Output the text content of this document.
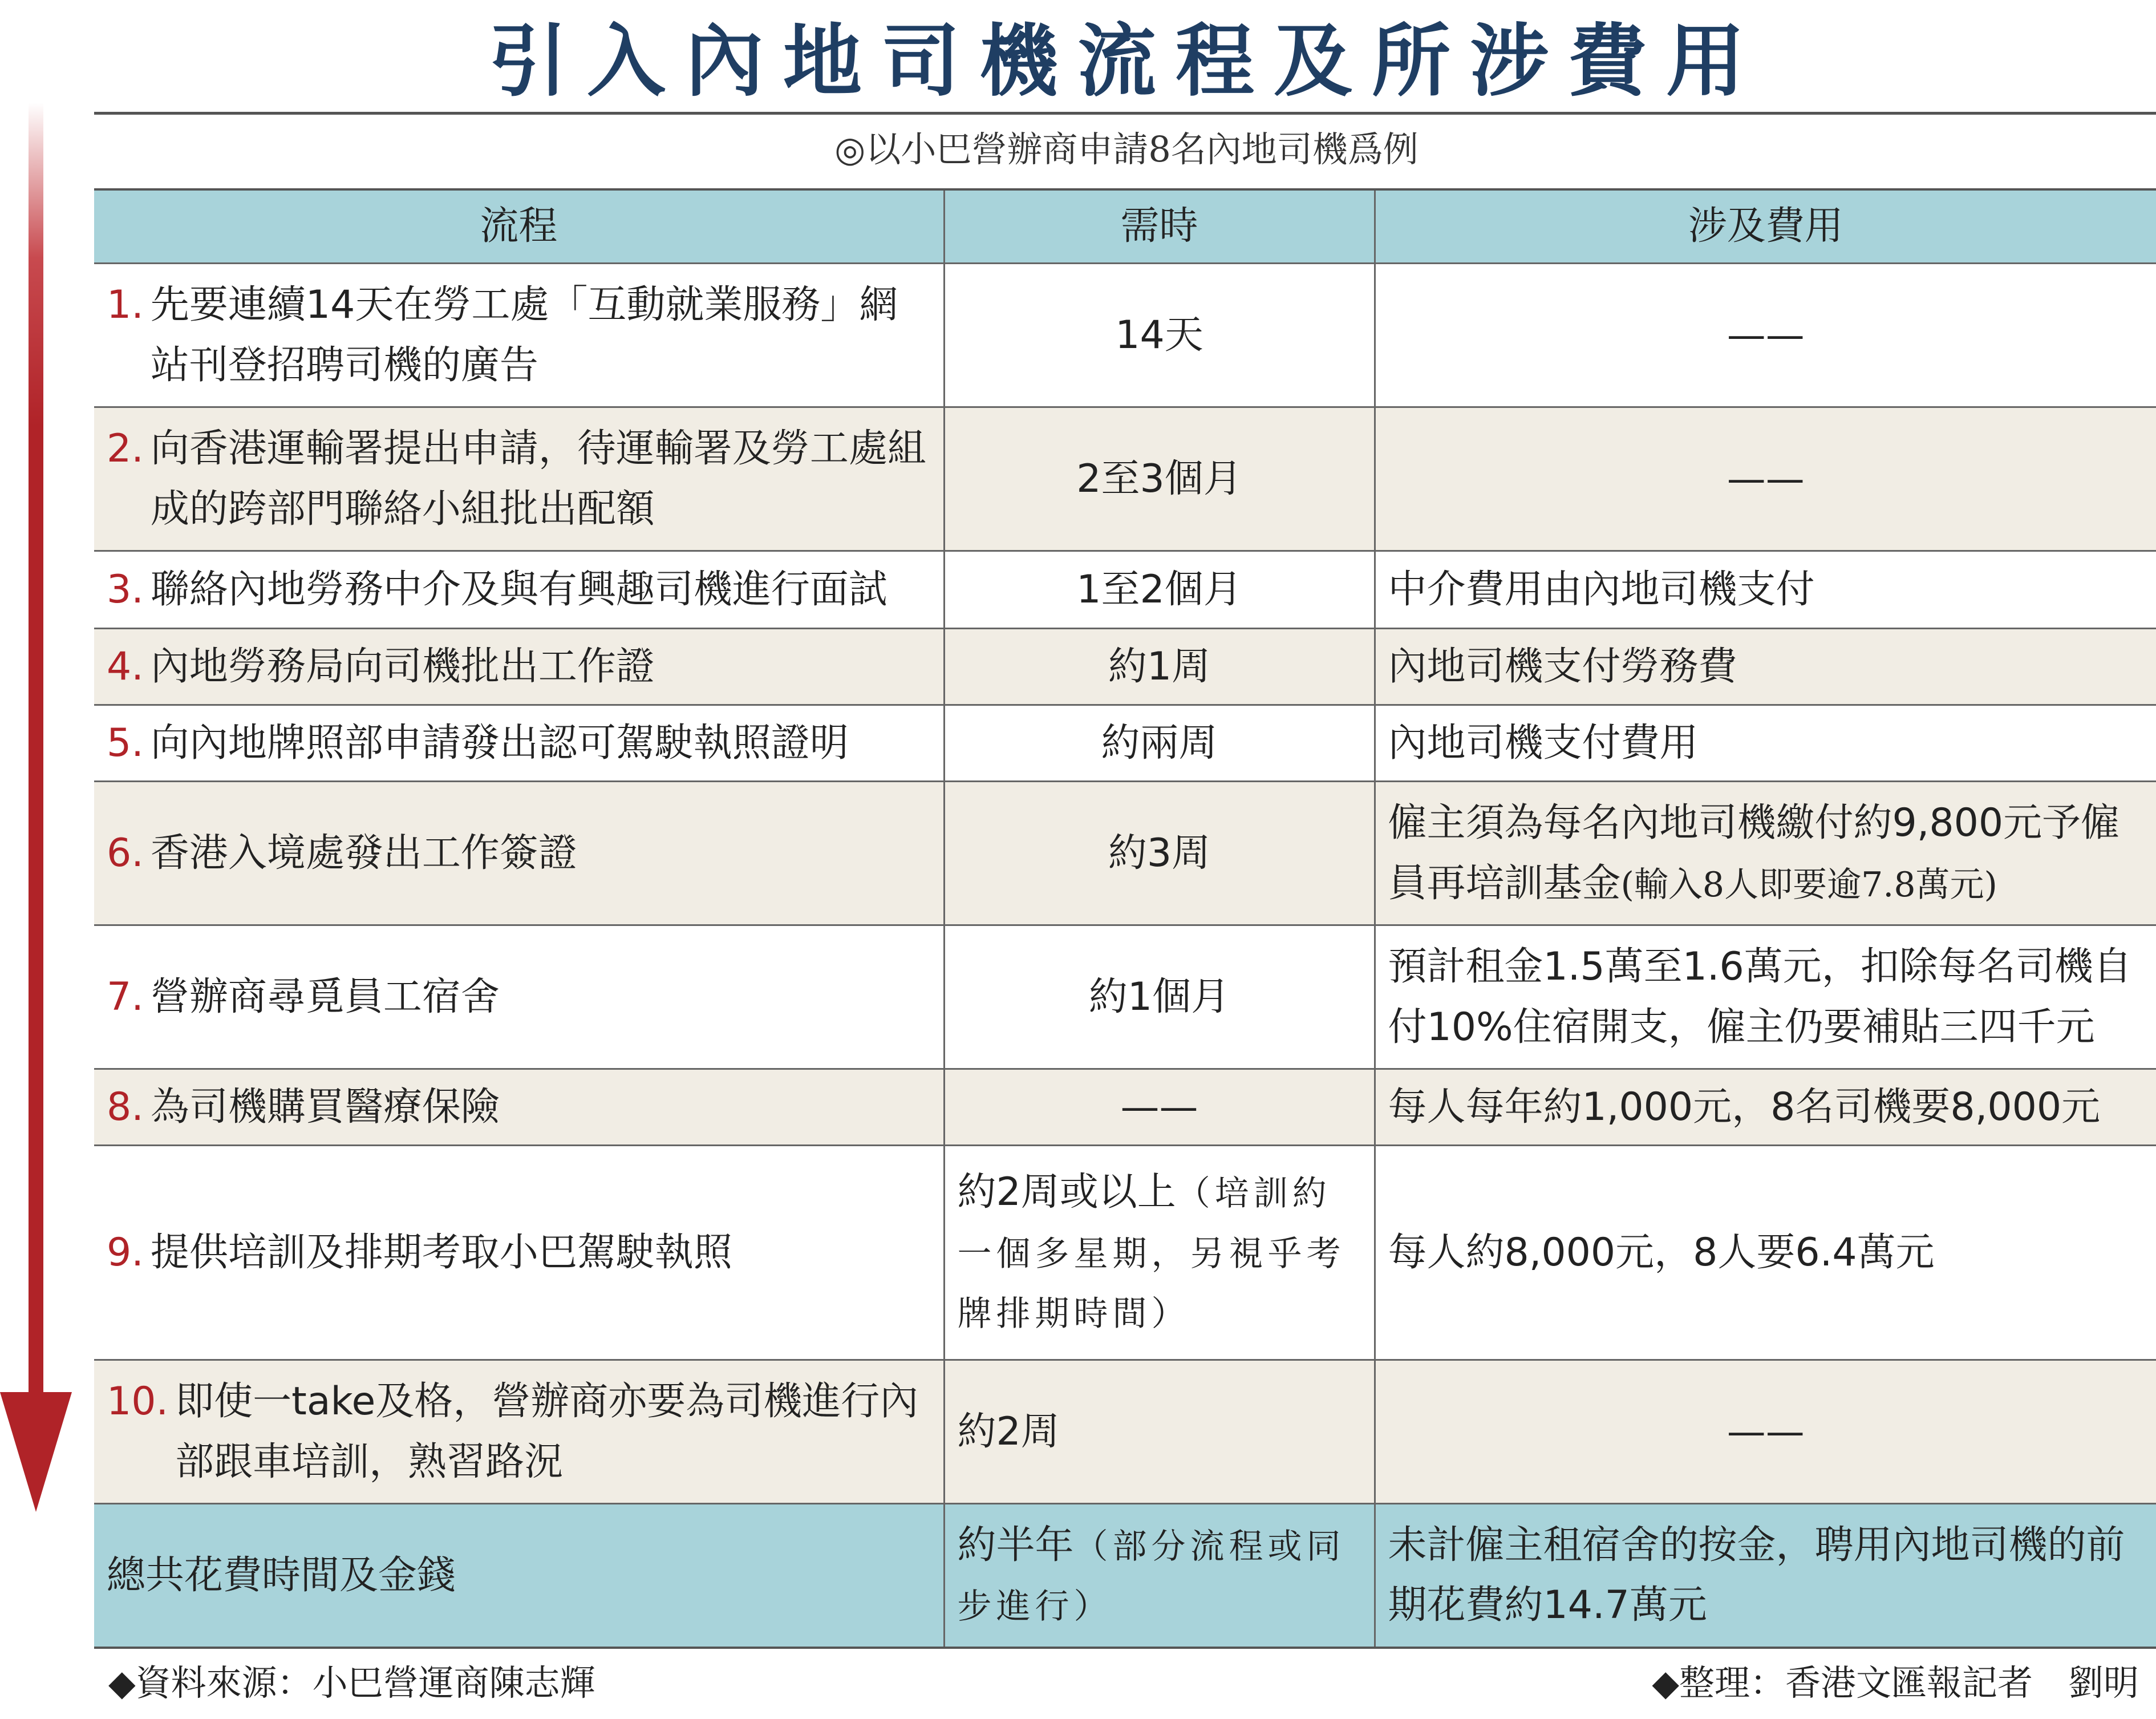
引入內地司機流程及所涉費用
◎以小巴營辦商申請8名內地司機爲例
流程	需時	涉及費用

1. 先要連續14天在勞工處「互動就業服務」網站刊登招聘司機的廣告	14天	——

2. 向香港運輸署提出申請，待運輸署及勞工處組成的跨部門聯絡小組批出配額	2至3個月	——

3. 聯絡內地勞務中介及與有興趣司機進行面試	1至2個月	中介費用由內地司機支付

4. 內地勞務局向司機批出工作證	約1周	內地司機支付勞務費

5. 向內地牌照部申請發出認可駕駛執照證明	約兩周	內地司機支付費用

6. 香港入境處發出工作簽證	約3周	僱主須為每名內地司機繳付約9,800元予僱員再培訓基金(輸入8人即要逾7.8萬元)

7. 營辦商尋覓員工宿舍	約1個月	預計租金1.5萬至1.6萬元，扣除每名司機自付10%住宿開支，僱主仍要補貼三四千元

8. 為司機購買醫療保險	——	每人每年約1,000元，8名司機要8,000元

9. 提供培訓及排期考取小巴駕駛執照	約2周或以上（培訓約一個多星期，另視乎考牌排期時間）	每人約8,000元，8人要6.4萬元

10. 即使一take及格，營辦商亦要為司機進行內部跟車培訓，熟習路況	約2周	——
總共花費時間及金錢	約半年（部分流程或同步進行）	未計僱主租宿舍的按金，聘用內地司機的前期花費約14.7萬元
◆資料來源：小巴營運商陳志輝	◆整理：香港文匯報記者　劉明
